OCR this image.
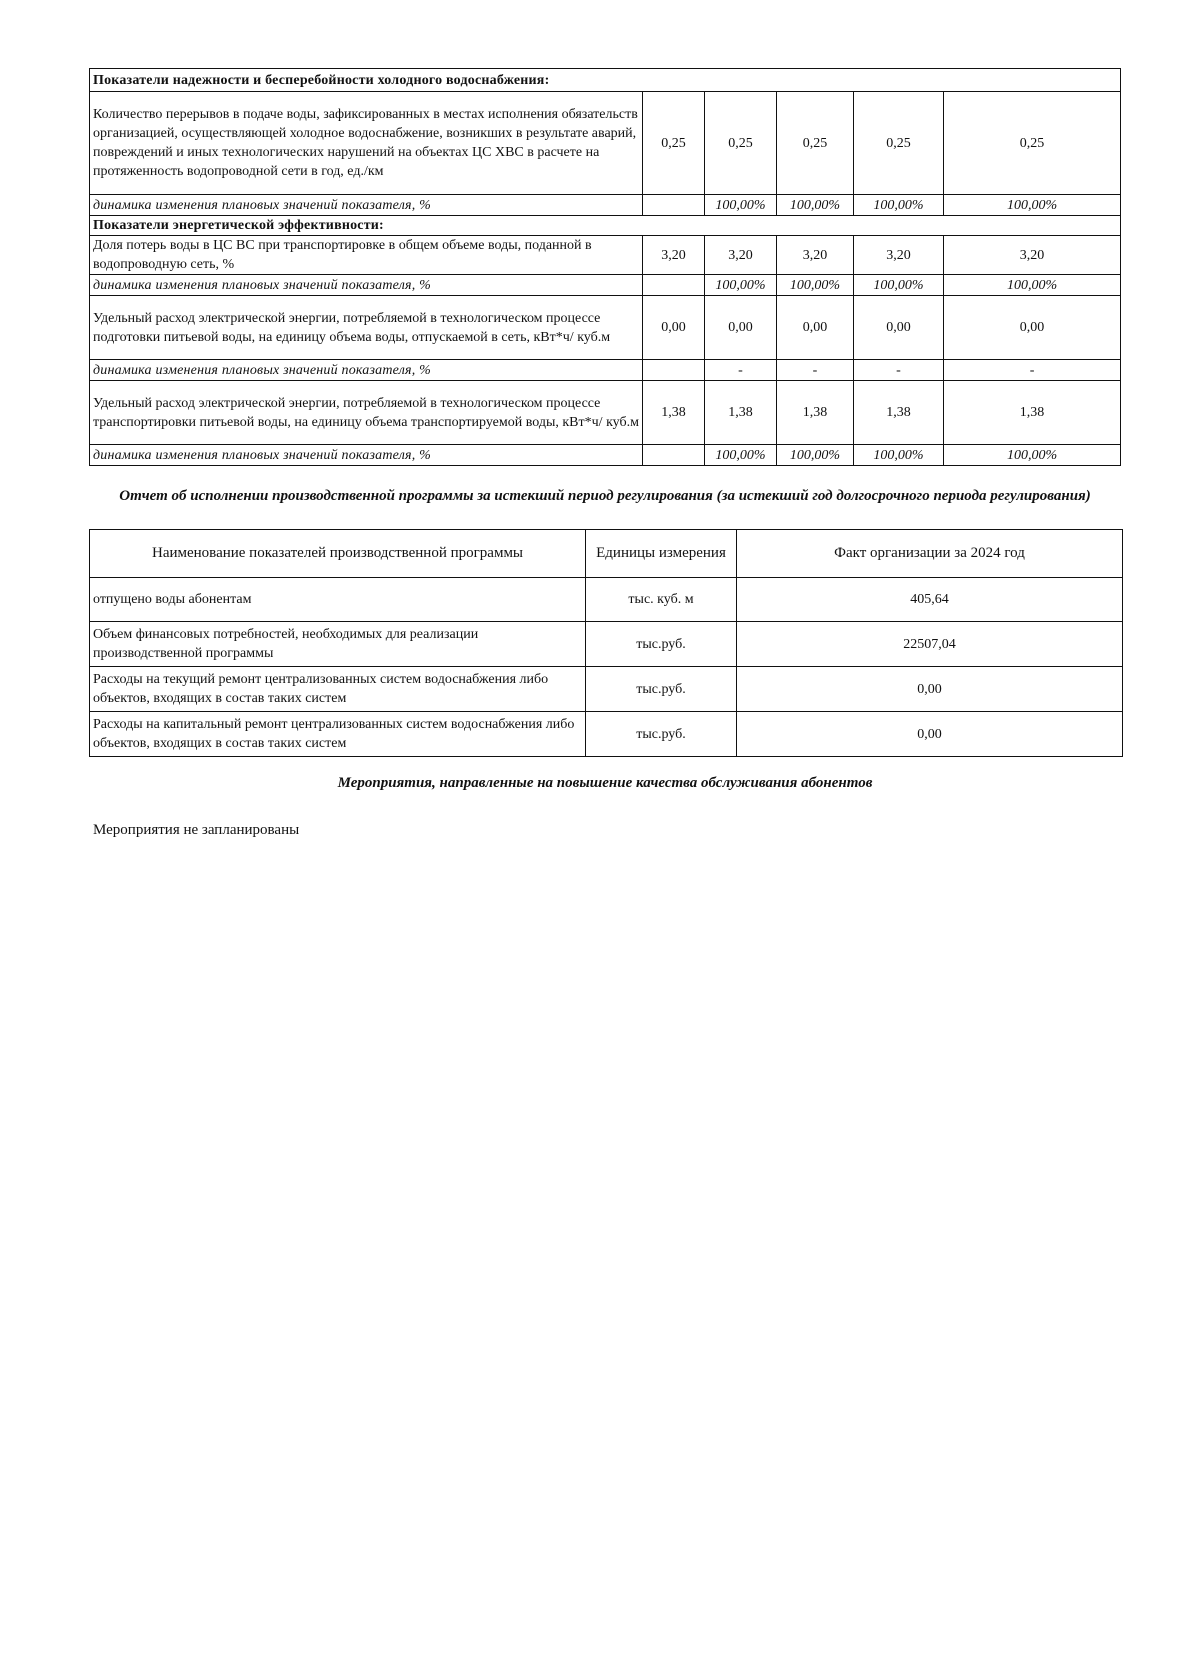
Показатели надежности и бесперебойности холодного водоснабжения:					
Количество перерывов в подаче воды, зафиксированных в местах исполнения обязательств организацией, осуществляющей холодное водоснабжение, возникших в результате аварий, повреждений и иных технологических нарушений на объектах ЦС ХВС в расчете на протяженность водопроводной сети в год, ед./км	0,25	0,25	0,25	0,25	0,25
динамика изменения плановых значений показателя, %		100,00%	100,00%	100,00%	100,00%
Показатели энергетической эффективности:					
Доля потерь воды в ЦС ВС при транспортировке в общем объеме воды, поданной в водопроводную сеть, %	3,20	3,20	3,20	3,20	3,20
динамика изменения плановых значений показателя, %		100,00%	100,00%	100,00%	100,00%
Удельный расход электрической энергии, потребляемой в технологическом процессе подготовки питьевой воды, на единицу объема воды, отпускаемой в сеть, кВт*ч/ куб.м	0,00	0,00	0,00	0,00	0,00
динамика изменения плановых значений показателя, %		-	-	-	-
Удельный расход электрической энергии, потребляемой в технологическом процессе транспортировки питьевой воды, на единицу объема транспортируемой воды, кВт*ч/ куб.м	1,38	1,38	1,38	1,38	1,38
динамика изменения плановых значений показателя, %		100,00%	100,00%	100,00%	100,00%
Отчет об исполнении производственной программы за истекший период регулирования (за истекший год долгосрочного периода регулирования)
Наименование показателей производственной программы	Единицы измерения	Факт организации за 2024 год
отпущено воды абонентам	тыс. куб. м	405,64
Объем финансовых потребностей, необходимых для реализации производственной программы	тыс.руб.	22507,04
Расходы на текущий ремонт централизованных систем водоснабжения либо объектов, входящих в состав таких систем	тыс.руб.	0,00
Расходы на капитальный ремонт централизованных систем водоснабжения либо объектов, входящих в состав таких систем	тыс.руб.	0,00
Мероприятия, направленные на повышение качества обслуживания абонентов
Мероприятия не запланированы
